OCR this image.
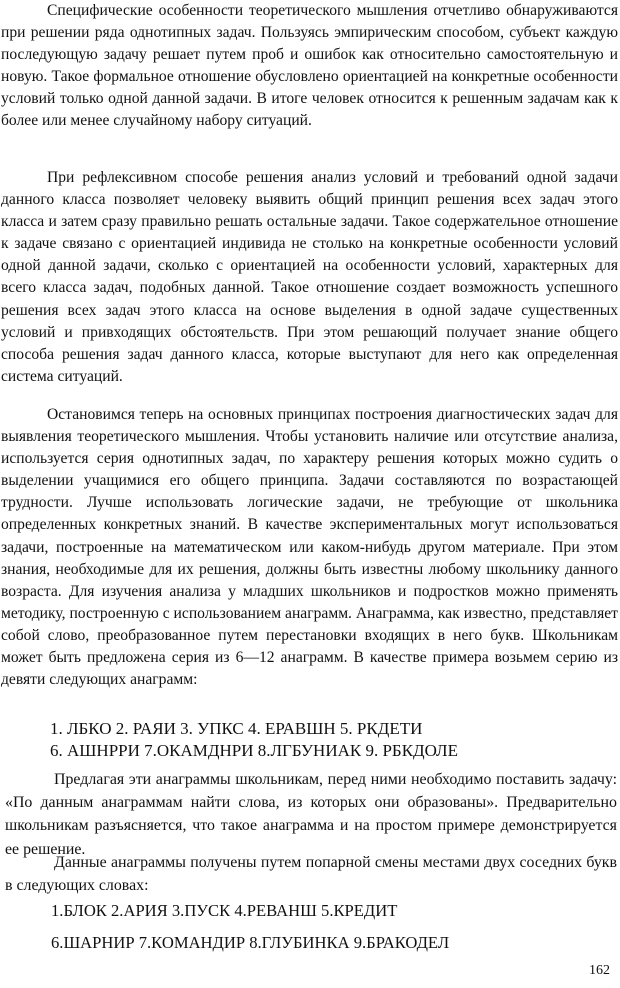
Специфические особенности теоретического мышления отчетливо обнаруживаются при решении ряда однотипных задач. Пользуясь эмпирическим способом, субъект каждую последующую задачу решает путем проб и ошибок как относительно самостоятельную и новую. Такое формальное отношение обусловлено ориентацией на конкретные особенности условий только одной данной задачи. В итоге человек относится к решенным задачам как к более или менее случайному набору ситуаций.

При рефлексивном способе решения анализ условий и требований одной задачи данного класса позволяет человеку выявить общий принцип решения всех задач этого класса и затем сразу правильно решать остальные задачи. Такое содержательное отношение к задаче связано с ориентацией индивида не столько на конкретные особенности условий одной данной задачи, сколько с ориентацией на особенности условий, характерных для всего класса задач, подобных данной. Такое отношение создает возможность успешного решения всех задач этого класса на основе выделения в одной задаче существенных условий и привходящих обстоятельств. При этом решающий получает знание общего способа решения задач данного класса, которые выступают для него как определенная система ситуаций.

Остановимся теперь на основных принципах построения диагностических задач для выявления теоретического мышления. Чтобы установить наличие или отсутствие анализа, используется серия однотипных задач, по характеру решения которых можно судить о выделении учащимися его общего принципа. Задачи составляются по возрастающей трудности. Лучше использовать логические задачи, не требующие от школьника определенных конкретных знаний. В качестве экспериментальных могут использоваться задачи, построенные на математическом или каком-нибудь другом материале. При этом знания, необходимые для их решения, должны быть известны любому школьнику данного возраста. Для изучения анализа у младших школьников и подростков можно применять методику, построенную с использованием анаграмм. Анаграмма, как известно, представляет собой слово, преобразованное путем перестановки входящих в него букв. Школьникам может быть предложена серия из 6—12 анаграмм. В качестве примера возьмем серию из девяти следующих анаграмм:

1. ЛБКО 2. РАЯИ 3. УПКС 4. ЕРАВШН 5. РКДЕТИ

6. АШНРРИ 7.ОКАМДНРИ 8.ЛГБУНИАК 9. РБКДОЛЕ

Предлагая эти анаграммы школьникам, перед ними необходимо поставить задачу: «По данным анаграммам найти слова, из которых они образованы». Предварительно школьникам разъясняется, что такое анаграмма и на простом примере демонстрируется ее решение.

Данные анаграммы получены путем попарной смены местами двух соседних букв в следующих словах:

1.БЛОК 2.АРИЯ 3.ПУСК 4.РЕВАНШ 5.КРЕДИТ

6.ШАРНИР 7.КОМАНДИР 8.ГЛУБИНКА 9.БРАКОДЕЛ

162
